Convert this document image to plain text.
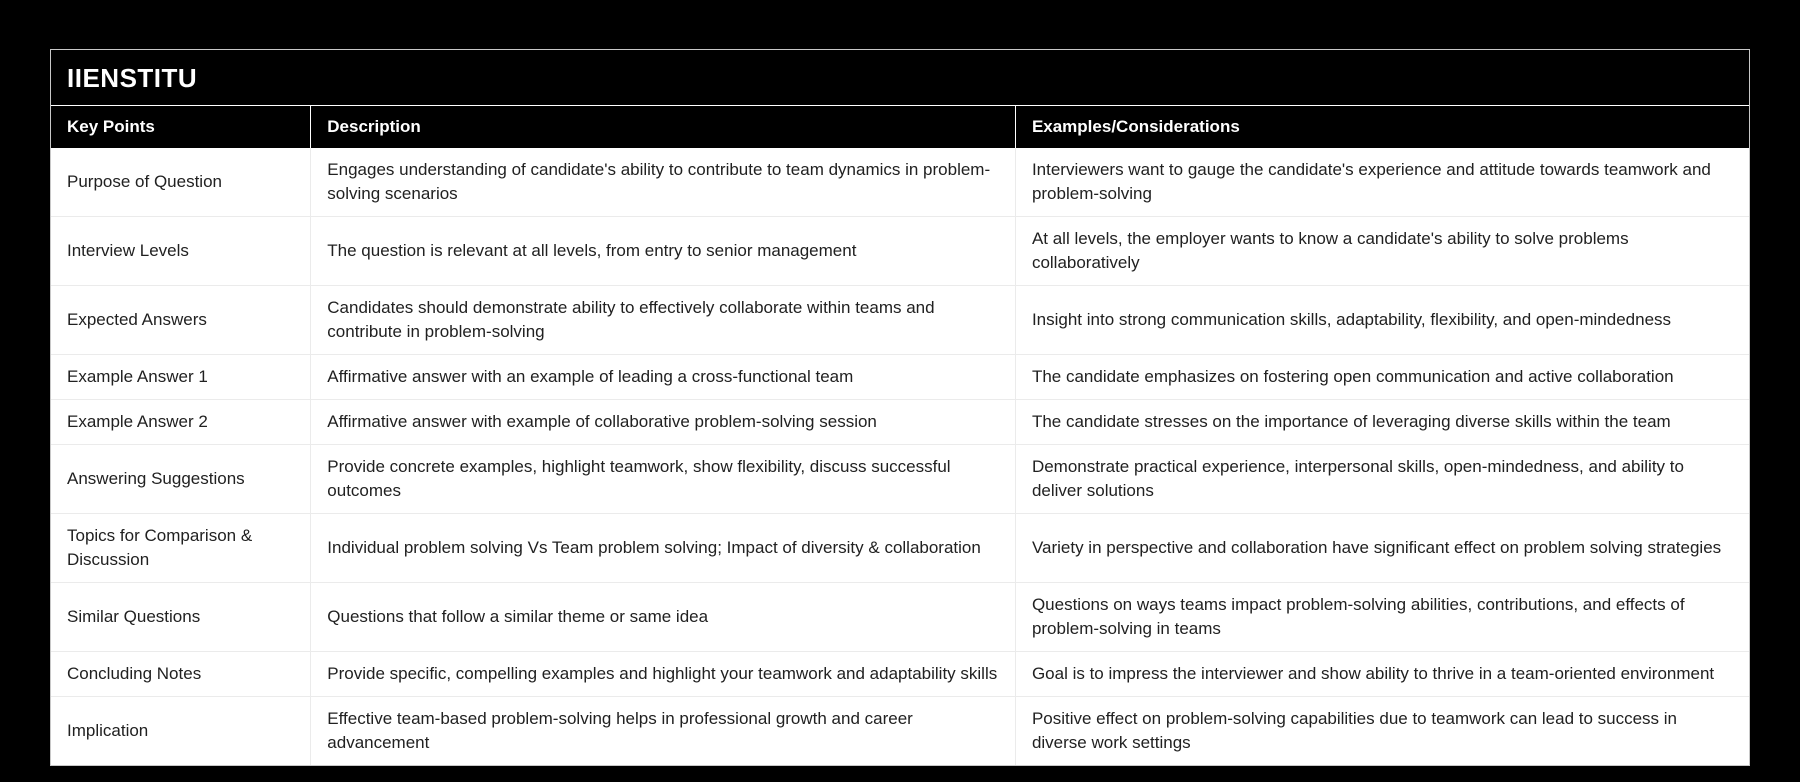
IIENSTITU
Key Points	Description	Examples/Considerations
Purpose of Question	Engages understanding of candidate's ability to contribute to team dynamics in problem-solving scenarios	Interviewers want to gauge the candidate's experience and attitude towards teamwork and problem-solving
Interview Levels	The question is relevant at all levels, from entry to senior management	At all levels, the employer wants to know a candidate's ability to solve problems collaboratively
Expected Answers	Candidates should demonstrate ability to effectively collaborate within teams and contribute in problem-solving	Insight into strong communication skills, adaptability, flexibility, and open-mindedness
Example Answer 1	Affirmative answer with an example of leading a cross-functional team	The candidate emphasizes on fostering open communication and active collaboration
Example Answer 2	Affirmative answer with example of collaborative problem-solving session	The candidate stresses on the importance of leveraging diverse skills within the team
Answering Suggestions	Provide concrete examples, highlight teamwork, show flexibility, discuss successful outcomes	Demonstrate practical experience, interpersonal skills, open-mindedness, and ability to deliver solutions
Topics for Comparison & Discussion	Individual problem solving Vs Team problem solving; Impact of diversity & collaboration	Variety in perspective and collaboration have significant effect on problem solving strategies
Similar Questions	Questions that follow a similar theme or same idea	Questions on ways teams impact problem-solving abilities, contributions, and effects of problem-solving in teams
Concluding Notes	Provide specific, compelling examples and highlight your teamwork and adaptability skills	Goal is to impress the interviewer and show ability to thrive in a team-oriented environment
Implication	Effective team-based problem-solving helps in professional growth and career advancement	Positive effect on problem-solving capabilities due to teamwork can lead to success in diverse work settings
